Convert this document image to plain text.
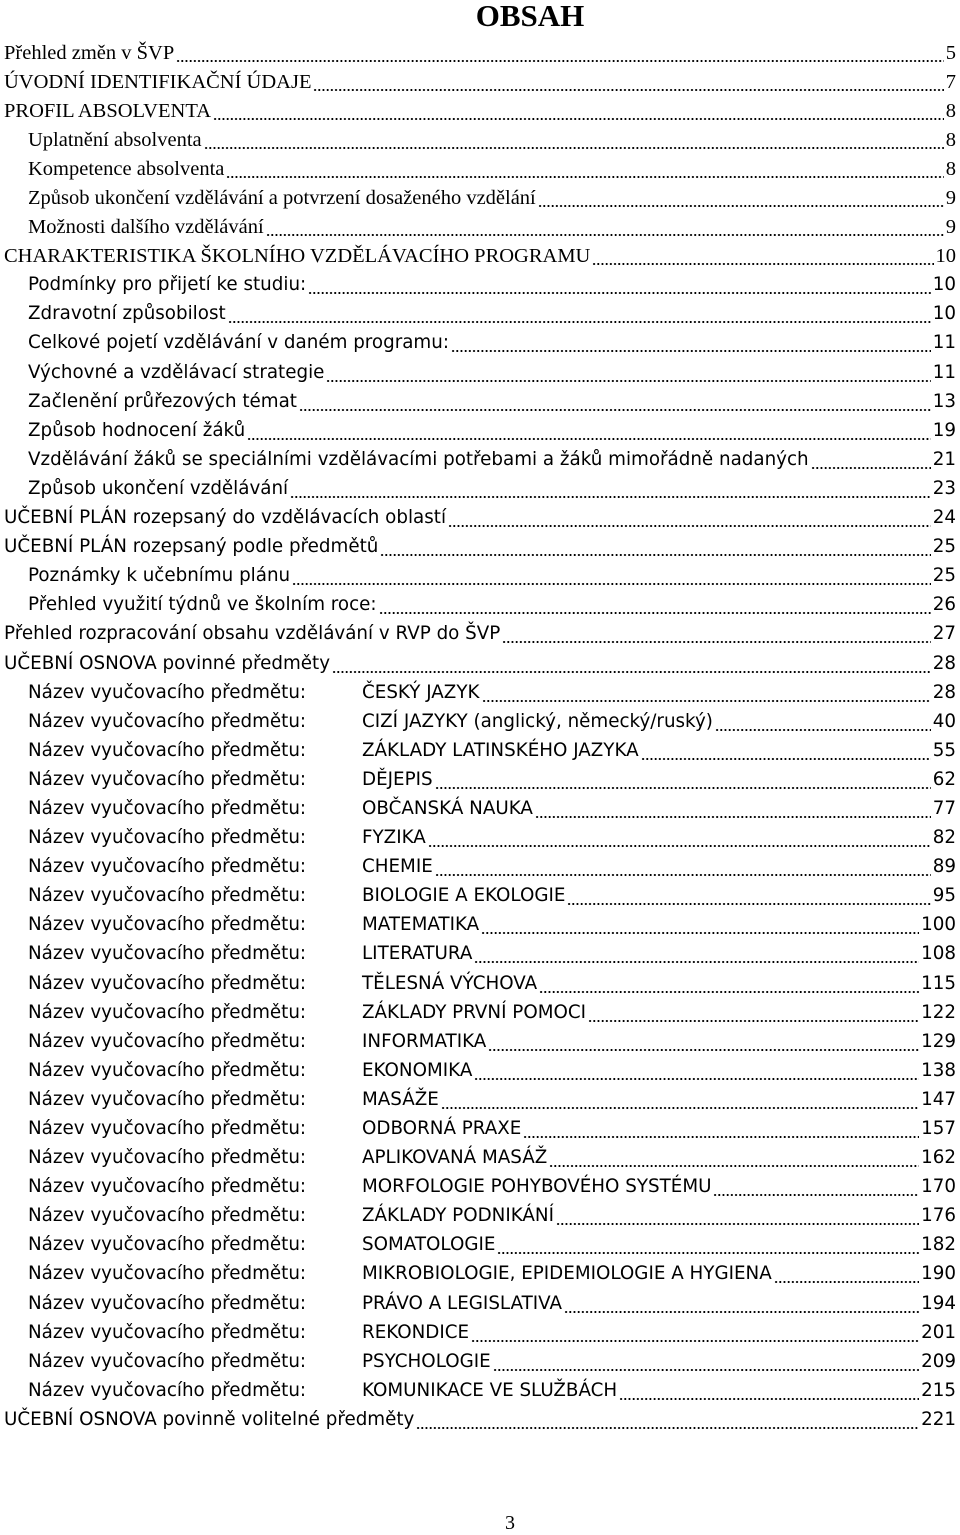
OBSAH
Přehled změn v ŠVP	5
ÚVODNÍ IDENTIFIKAČNÍ ÚDAJE	7
PROFIL ABSOLVENTA	8
Uplatnění absolventa	8
Kompetence absolventa	8
Způsob ukončení vzdělávání a potvrzení dosaženého vzdělání	9
Možnosti dalšího vzdělávání	9
CHARAKTERISTIKA ŠKOLNÍHO VZDĚLÁVACÍHO PROGRAMU	10
Podmínky pro přijetí ke studiu:	10
Zdravotní způsobilost	10
Celkové pojetí vzdělávání v daném programu:	11
Výchovné a vzdělávací strategie	11
Začlenění průřezových témat	13
Způsob hodnocení žáků	19
Vzdělávání žáků se speciálními vzdělávacími potřebami a žáků mimořádně nadaných	21
Způsob ukončení vzdělávání	23
UČEBNÍ PLÁN rozepsaný do vzdělávacích oblastí	24
UČEBNÍ PLÁN rozepsaný podle předmětů	25
Poznámky k učebnímu plánu	25
Přehled využití týdnů ve školním roce:	26
Přehled rozpracování obsahu vzdělávání v RVP do ŠVP	27
UČEBNÍ OSNOVA povinné předměty	28
Název vyučovacího předmětu:	ČESKÝ JAZYK	28
Název vyučovacího předmětu:	CIZÍ JAZYKY (anglický, německý/ruský)	40
Název vyučovacího předmětu:	ZÁKLADY LATINSKÉHO JAZYKA	55
Název vyučovacího předmětu:	DĚJEPIS	62
Název vyučovacího předmětu:	OBČANSKÁ NAUKA	77
Název vyučovacího předmětu:	FYZIKA	82
Název vyučovacího předmětu:	CHEMIE	89
Název vyučovacího předmětu:	BIOLOGIE A EKOLOGIE	95
Název vyučovacího předmětu:	MATEMATIKA	100
Název vyučovacího předmětu:	LITERATURA	108
Název vyučovacího předmětu:	TĚLESNÁ VÝCHOVA	115
Název vyučovacího předmětu:	ZÁKLADY PRVNÍ POMOCI	122
Název vyučovacího předmětu:	INFORMATIKA	129
Název vyučovacího předmětu:	EKONOMIKA	138
Název vyučovacího předmětu:	MASÁŽE	147
Název vyučovacího předmětu:	ODBORNÁ PRAXE	157
Název vyučovacího předmětu:	APLIKOVANÁ MASÁŽ	162
Název vyučovacího předmětu:	MORFOLOGIE POHYBOVÉHO SYSTÉMU	170
Název vyučovacího předmětu:	ZÁKLADY PODNIKÁNÍ	176
Název vyučovacího předmětu:	SOMATOLOGIE	182
Název vyučovacího předmětu:	MIKROBIOLOGIE, EPIDEMIOLOGIE A HYGIENA	190
Název vyučovacího předmětu:	PRÁVO A LEGISLATIVA	194
Název vyučovacího předmětu:	REKONDICE	201
Název vyučovacího předmětu:	PSYCHOLOGIE	209
Název vyučovacího předmětu:	KOMUNIKACE VE SLUŽBÁCH	215
UČEBNÍ OSNOVA povinně volitelné předměty	221
3
